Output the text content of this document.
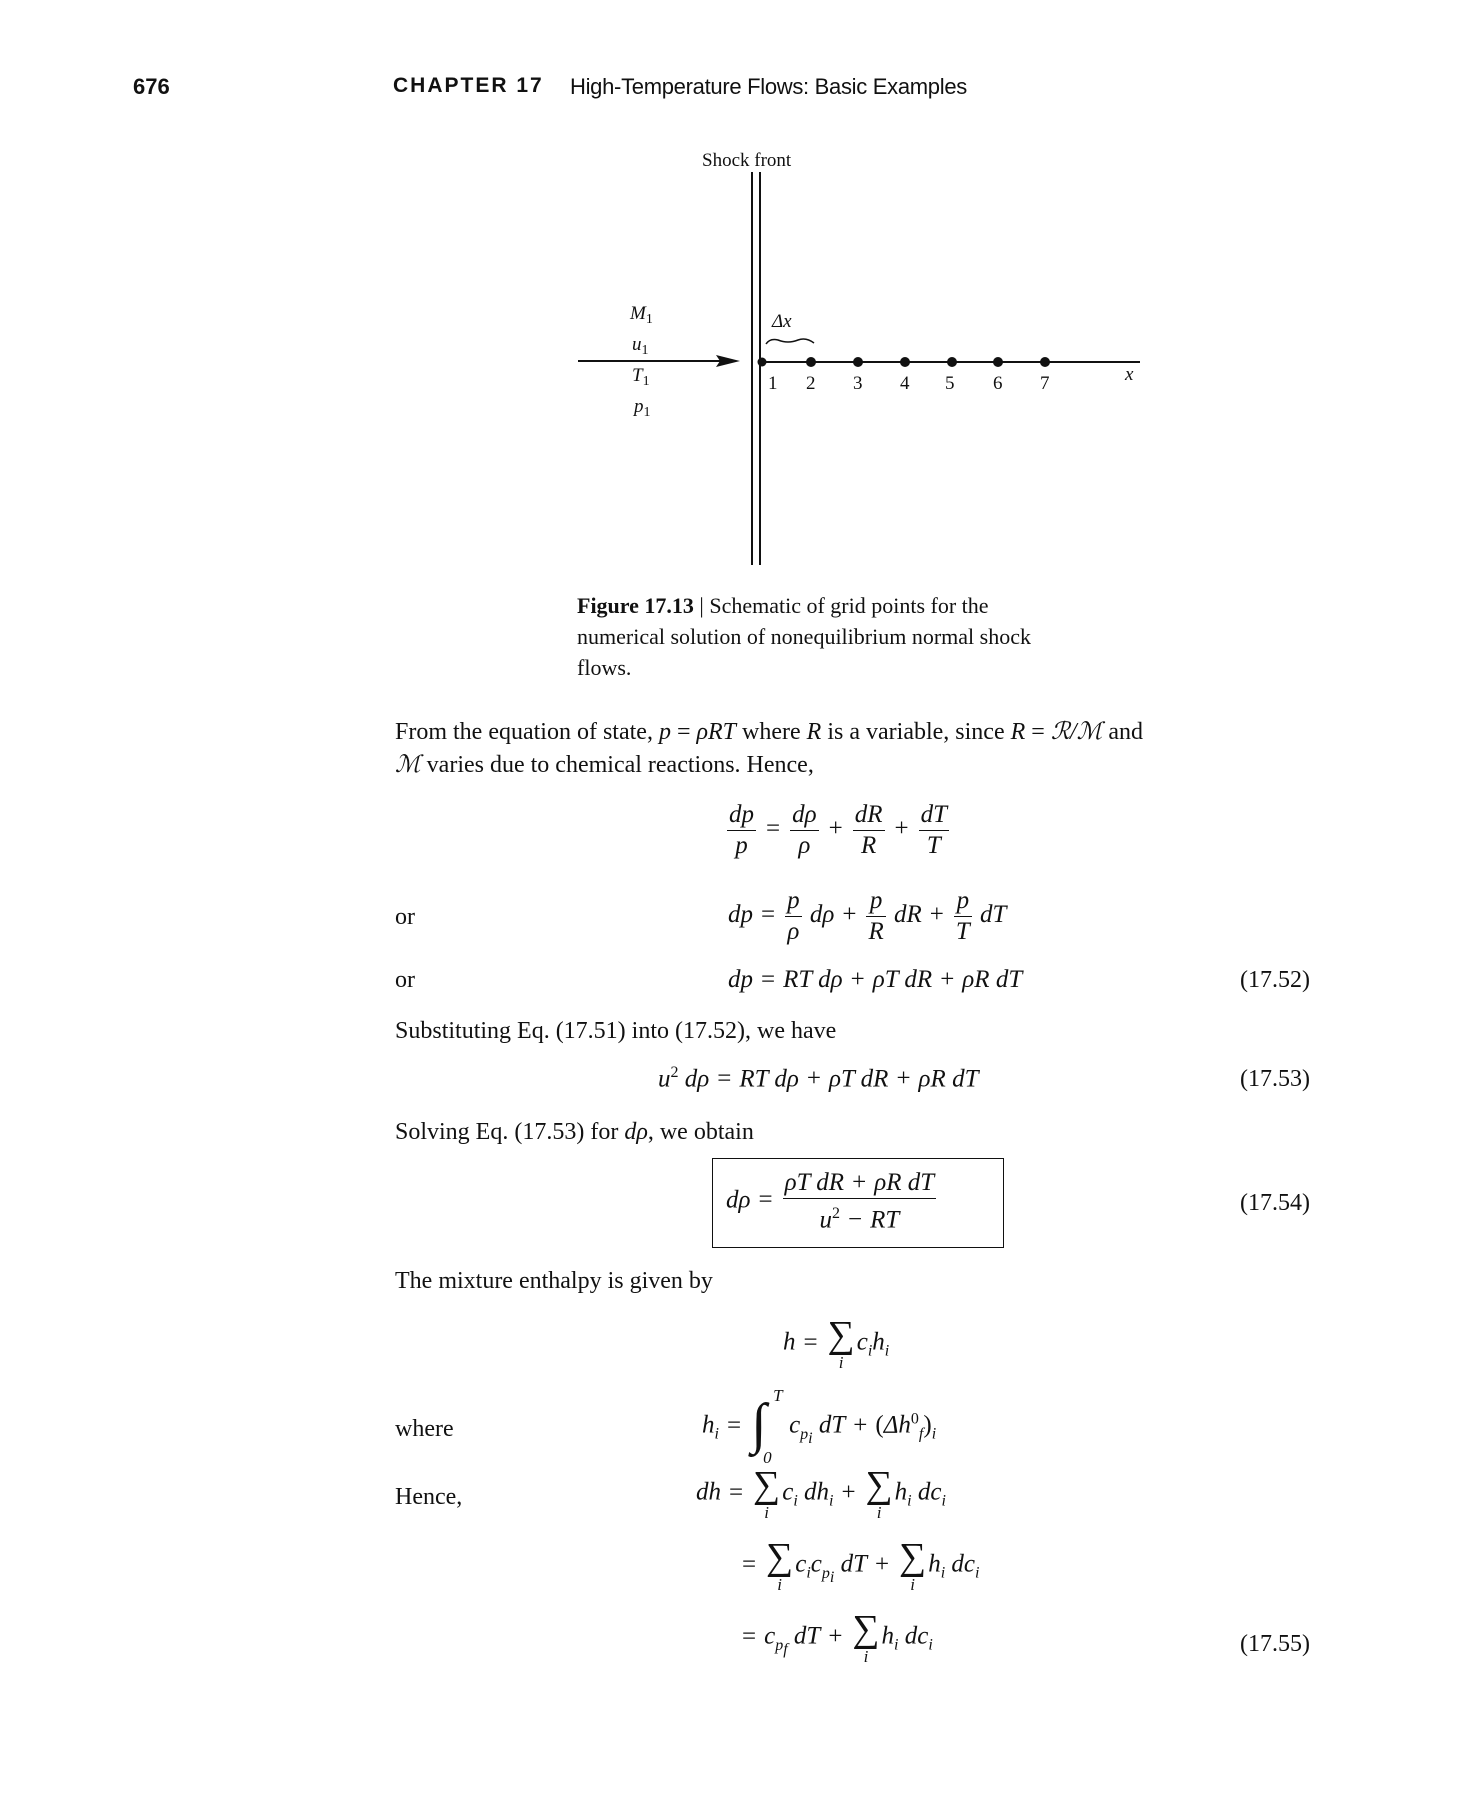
676	CHAPTER 17 High-Temperature Flows: Basic Examples
Shock front
$M_1$
$u_1$
$T_1$
$p_1$
x
Δx
1 2 3 4 5 6 7
Figure 17.13 | Schematic of grid points for the numerical solution of nonequilibrium normal shock flows.
From the equation of state, p = ρRT where R is a variable, since R = ℛ/ℳ and
ℳ varies due to chemical reactions. Hence,
$\frac{dp}{p} = \frac{d\rho}{\rho} + \frac{dR}{R} + \frac{dT}{T}$
or	dp = $\frac{p}{\rho}$ $d\rho + \frac{p}{R}$ dR + $\frac{p}{T}$ dT
or	dp = RT dρ + ρT dR + ρR dT	(17.52)
Substituting Eq. (17.51) into (17.52), we have
$u^2$ dρ = RT dρ + ρT dR + ρR dT	(17.53)
Solving Eq. (17.53) for dρ, we obtain
$d\rho = \frac{\text{ρT dR + ρR dT}}{u^2 - RT}$	(17.54)
The mixture enthalpy is given by
h = ∑
i
$c_ih_i$
where	$h_i$ = ∫ T
0
$c_{p_i}$ dT + $(\Delta h^0_f)_i$
Hence,	dh = ∑
i
$c_i$ $dh_i$ + ∑
i
$h_i$ $dc_i$
= ∑
i
$c_ic_{p_i}$ dT + ∑
i
$h_i$ $dc_i$
= $c_{p_f}$ dT + ∑
i
$h_i$ $dc_i$	(17.55)
